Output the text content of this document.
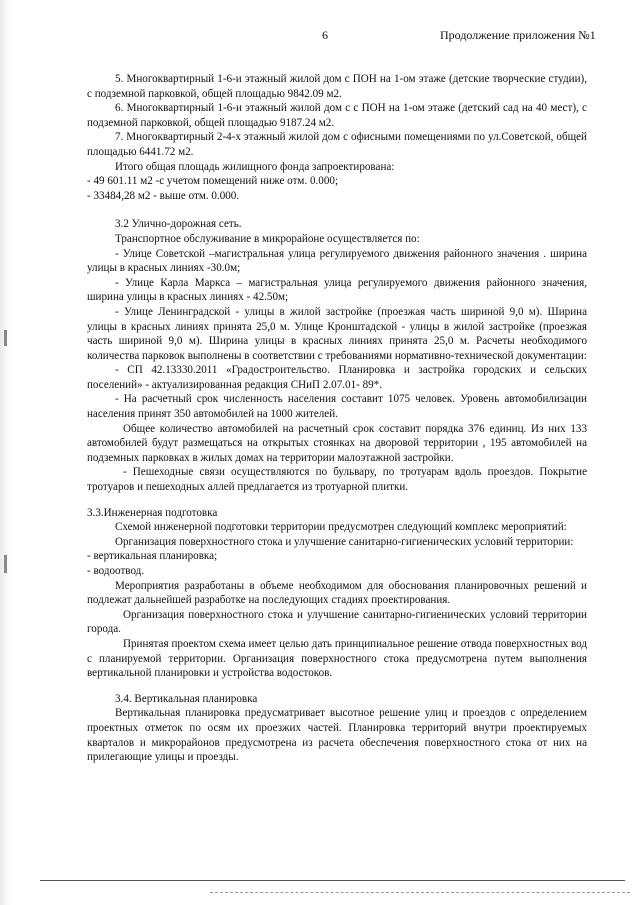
6	Продолжение приложения №1

5. Многоквартирный 1-6-и этажный жилой дом с ПОН на 1-ом этаже (детские творческие студии), с подземной парковкой, общей площадью 9842.09 м2.

6. Многоквартирный 1-6-и этажный жилой дом с с ПОН на 1-ом этаже (детский сад на 40 мест), с подземной парковкой, общей площадью 9187.24 м2.

7. Многоквартирный 2-4-х этажный жилой дом с офисными помещениями по ул.Советской, общей площадью 6441.72 м2.

Итого общая площадь жилищного фонда запроектирована:

- 49 601.11 м2 -с учетом помещений ниже отм. 0.000;

- 33484,28 м2 - выше отм. 0.000.

3.2 Улично-дорожная сеть.

Транспортное обслуживание в микрорайоне осуществляется по:

- Улице Советской –магистральная улица регулируемого движения районного значения . ширина улицы в красных линиях -30.0м;

- Улице Карла Маркса – магистральная улица регулируемого движения районного значения, ширина улицы в красных линиях - 42.50м;

- Улице Ленинградской - улицы в жилой застройке (проезжая часть шириной 9,0 м). Ширина улицы в красных линиях принята 25,0 м. Улице Кронштадской - улицы в жилой застройке (проезжая часть шириной 9,0 м). Ширина улицы в красных линиях принята 25,0 м. Расчеты необходимого количества парковок выполнены в соответствии с требованиями нормативно-технической документации:

- СП 42.13330.2011 «Градостроительство. Планировка и застройка городских и сельских поселений» - актуализированная редакция СНиП 2.07.01- 89*.

- На расчетный срок численность населения составит 1075 человек. Уровень автомобилизации населения принят 350 автомобилей на 1000 жителей.

Общее количество автомобилей на расчетный срок составит порядка 376 единиц. Из них 133 автомобилей будут размещаться на открытых стоянках на дворовой территории , 195 автомобилей на подземных парковках в жилых домах на территории малоэтажной застройки.

- Пешеходные связи осуществляются по бульвару, по тротуарам вдоль проездов. Покрытие тротуаров и пешеходных аллей предлагается из тротуарной плитки.

3.3.Инженерная подготовка

Схемой инженерной подготовки территории предусмотрен следующий комплекс мероприятий:

Организация поверхностного стока и улучшение санитарно-гигиенических условий территории:

- вертикальная планировка;

- водоотвод.

Мероприятия разработаны в объеме необходимом для обоснования планировочных решений и подлежат дальнейшей разработке на последующих стадиях проектирования.

Организация поверхностного стока и улучшение санитарно-гигиенических условий территории города.

Принятая проектом схема имеет целью дать принципиальное решение отвода поверхностных вод с планируемой территории. Организация поверхностного стока предусмотрена путем выполнения вертикальной планировки и устройства водостоков.

3.4. Вертикальная планировка

Вертикальная планировка предусматривает высотное решение улиц и проездов с определением проектных отметок по осям их проезжих частей. Планировка территорий внутри проектируемых кварталов и микрорайонов предусмотрена из расчета обеспечения поверхностного стока от них на прилегающие улицы и проезды.
